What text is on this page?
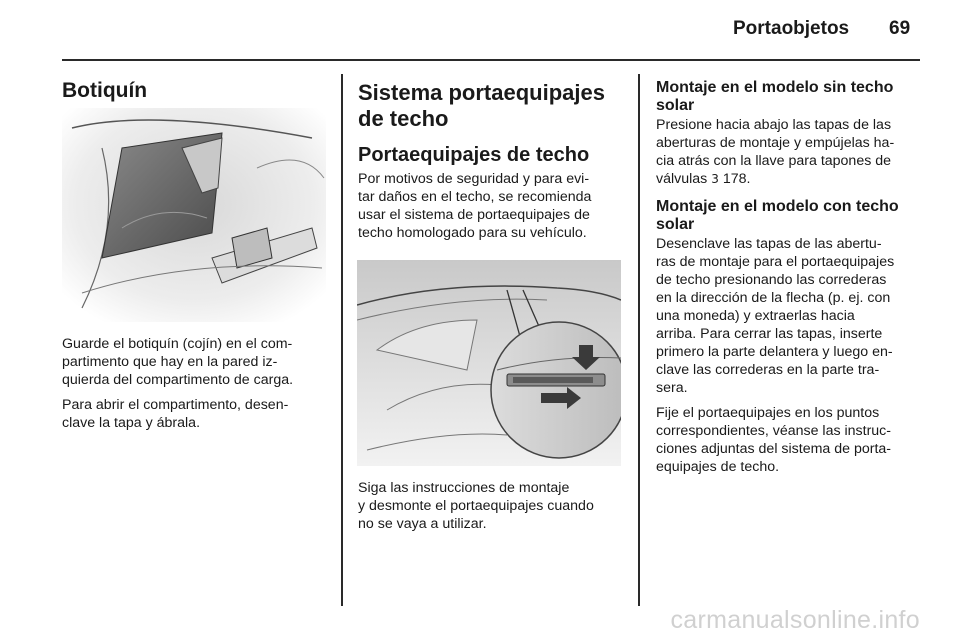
Portaobjetos 69
Botiquín

Guarde el botiquín (cojín) en el com-
partimento que hay en la pared iz-
quierda del compartimento de carga.

Para abrir el compartimento, desen-
clave la tapa y ábrala.

Sistema portaequipajes
de techo
Portaequipajes de techo

Por motivos de seguridad y para evi-
tar daños en el techo, se recomienda
usar el sistema de portaequipajes de
techo homologado para su vehículo.

Siga las instrucciones de montaje
y desmonte el portaequipajes cuando
no se vaya a utilizar.

Montaje en el modelo sin techo
solar

Presione hacia abajo las tapas de las
aberturas de montaje y empújelas ha-
cia atrás con la llave para tapones de
válvulas 3 178.

Montaje en el modelo con techo
solar

Desenclave las tapas de las abertu-
ras de montaje para el portaequipajes
de techo presionando las correderas
en la dirección de la flecha (p. ej. con
una moneda) y extraerlas hacia
arriba. Para cerrar las tapas, inserte
primero la parte delantera y luego en-
clave las correderas en la parte tra-
sera.

Fije el portaequipajes en los puntos
correspondientes, véanse las instruc-
ciones adjuntas del sistema de porta-
equipajes de techo.

carmanualsonline.info
